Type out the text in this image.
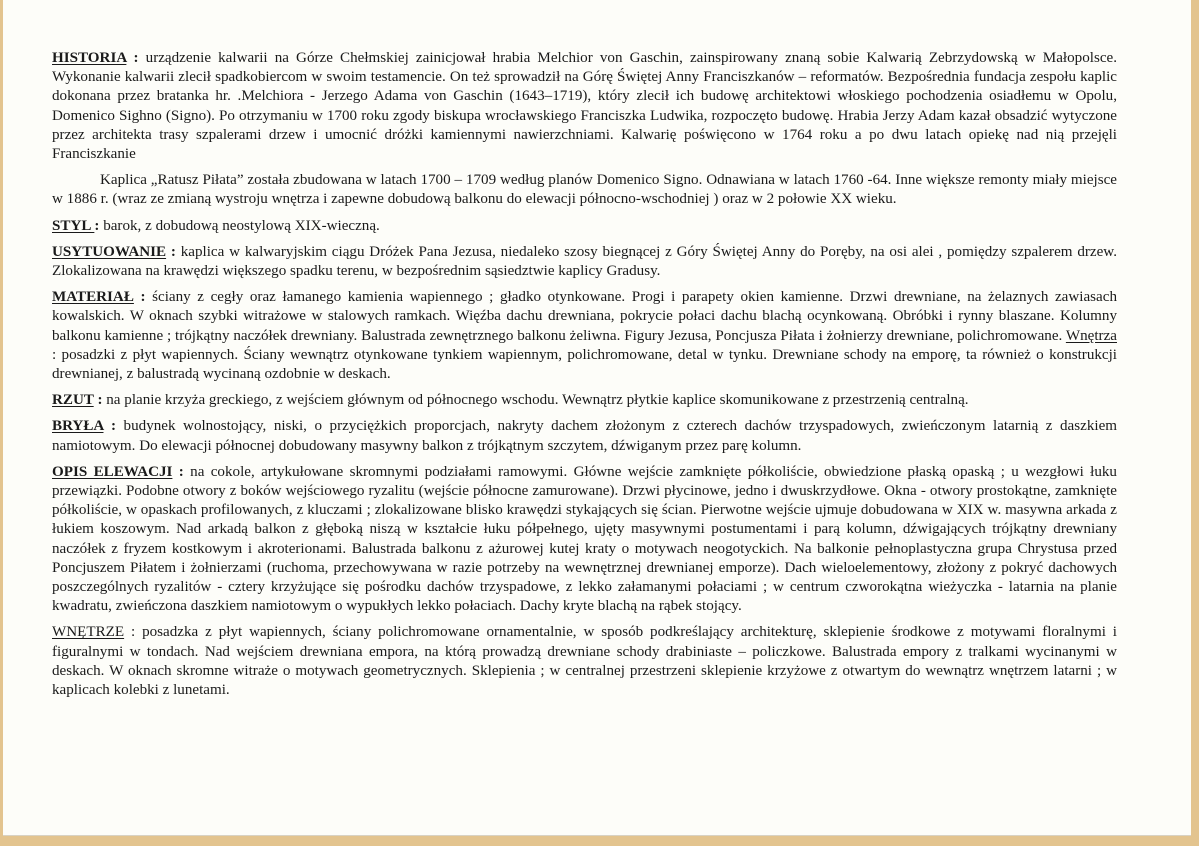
HISTORIA : urządzenie kalwarii na Górze Chełmskiej zainicjował hrabia Melchior von Gaschin, zainspirowany znaną sobie Kalwarią Zebrzydowską w Małopolsce. Wykonanie kalwarii zlecił spadkobiercom w swoim testamencie. On też sprowadził na Górę Świętej Anny Franciszkanów – reformatów. Bezpośrednia fundacja zespołu kaplic dokonana przez bratanka hr. .Melchiora - Jerzego Adama von Gaschin (1643–1719), który zlecił ich budowę architektowi włoskiego pochodzenia osiadłemu w Opolu, Domenico Sighno (Signo). Po otrzymaniu w 1700 roku zgody biskupa wrocławskiego Franciszka Ludwika, rozpoczęto budowę. Hrabia Jerzy Adam kazał obsadzić wytyczone przez architekta trasy szpalerami drzew i umocnić dróżki kamiennymi nawierzchniami. Kalwarię poświęcono w 1764 roku a po dwu latach opiekę nad nią przejęli Franciszkanie

Kaplica „Ratusz Piłata” została zbudowana w latach 1700 – 1709 według planów Domenico Signo. Odnawiana w latach 1760 -64. Inne większe remonty miały miejsce w 1886 r. (wraz ze zmianą wystroju wnętrza i zapewne dobudową balkonu do elewacji północno-wschodniej ) oraz w 2 połowie XX wieku.

STYL : barok, z dobudową neostylową XIX-wieczną.

USYTUOWANIE : kaplica w kalwaryjskim ciągu Dróżek Pana Jezusa, niedaleko szosy biegnącej z Góry Świętej Anny do Poręby, na osi alei , pomiędzy szpalerem drzew. Zlokalizowana na krawędzi większego spadku terenu, w bezpośrednim sąsiedztwie kaplicy Gradusy.

MATERIAŁ : ściany z cegły oraz łamanego kamienia wapiennego ; gładko otynkowane. Progi i parapety okien kamienne. Drzwi drewniane, na żelaznych zawiasach kowalskich. W oknach szybki witrażowe w stalowych ramkach. Więźba dachu drewniana, pokrycie połaci dachu blachą ocynkowaną. Obróbki i rynny blaszane. Kolumny balkonu kamienne ; trójkątny naczółek drewniany. Balustrada zewnętrznego balkonu żeliwna. Figury Jezusa, Poncjusza Piłata i żołnierzy drewniane, polichromowane. Wnętrza : posadzki z płyt wapiennych. Ściany wewnątrz otynkowane tynkiem wapiennym, polichromowane, detal w tynku. Drewniane schody na emporę, ta również o konstrukcji drewnianej, z balustradą wycinaną ozdobnie w deskach.

RZUT : na planie krzyża greckiego, z wejściem głównym od północnego wschodu. Wewnątrz płytkie kaplice skomunikowane z przestrzenią centralną.

BRYŁA : budynek wolnostojący, niski, o przyciężkich proporcjach, nakryty dachem złożonym z czterech dachów trzyspadowych, zwieńczonym latarnią z daszkiem namiotowym. Do elewacji północnej dobudowany masywny balkon z trójkątnym szczytem, dźwiganym przez parę kolumn.

OPIS ELEWACJI : na cokole, artykułowane skromnymi podziałami ramowymi. Główne wejście zamknięte półkoliście, obwiedzione płaską opaską ; u wezgłowi łuku przewiązki. Podobne otwory z boków wejściowego ryzalitu (wejście północne zamurowane). Drzwi płycinowe, jedno i dwuskrzydłowe. Okna - otwory prostokątne, zamknięte półkoliście, w opaskach profilowanych, z kluczami ; zlokalizowane blisko krawędzi stykających się ścian. Pierwotne wejście ujmuje dobudowana w XIX w. masywna arkada z łukiem koszowym. Nad arkadą balkon z głęboką niszą w kształcie łuku półpełnego, ujęty masywnymi postumentami i parą kolumn, dźwigających trójkątny drewniany naczółek z fryzem kostkowym i akroterionami. Balustrada balkonu z ażurowej kutej kraty o motywach neogotyckich. Na balkonie pełnoplastyczna grupa Chrystusa przed Poncjuszem Piłatem i żołnierzami (ruchoma, przechowywana w razie potrzeby na wewnętrznej drewnianej emporze). Dach wieloelementowy, złożony z pokryć dachowych poszczególnych ryzalitów - cztery krzyżujące się pośrodku dachów trzyspadowe, z lekko załamanymi połaciami ; w centrum czworokątna wieżyczka - latarnia na planie kwadratu, zwieńczona daszkiem namiotowym o wypukłych lekko połaciach. Dachy kryte blachą na rąbek stojący.

WNĘTRZE : posadzka z płyt wapiennych, ściany polichromowane ornamentalnie, w sposób podkreślający architekturę, sklepienie środkowe z motywami floralnymi i figuralnymi w tondach. Nad wejściem drewniana empora, na którą prowadzą drewniane schody drabiniaste – policzkowe. Balustrada empory z tralkami wycinanymi w deskach. W oknach skromne witraże o motywach geometrycznych. Sklepienia ; w centralnej przestrzeni sklepienie krzyżowe z otwartym do wewnątrz wnętrzem latarni ; w kaplicach kolebki z lunetami.
